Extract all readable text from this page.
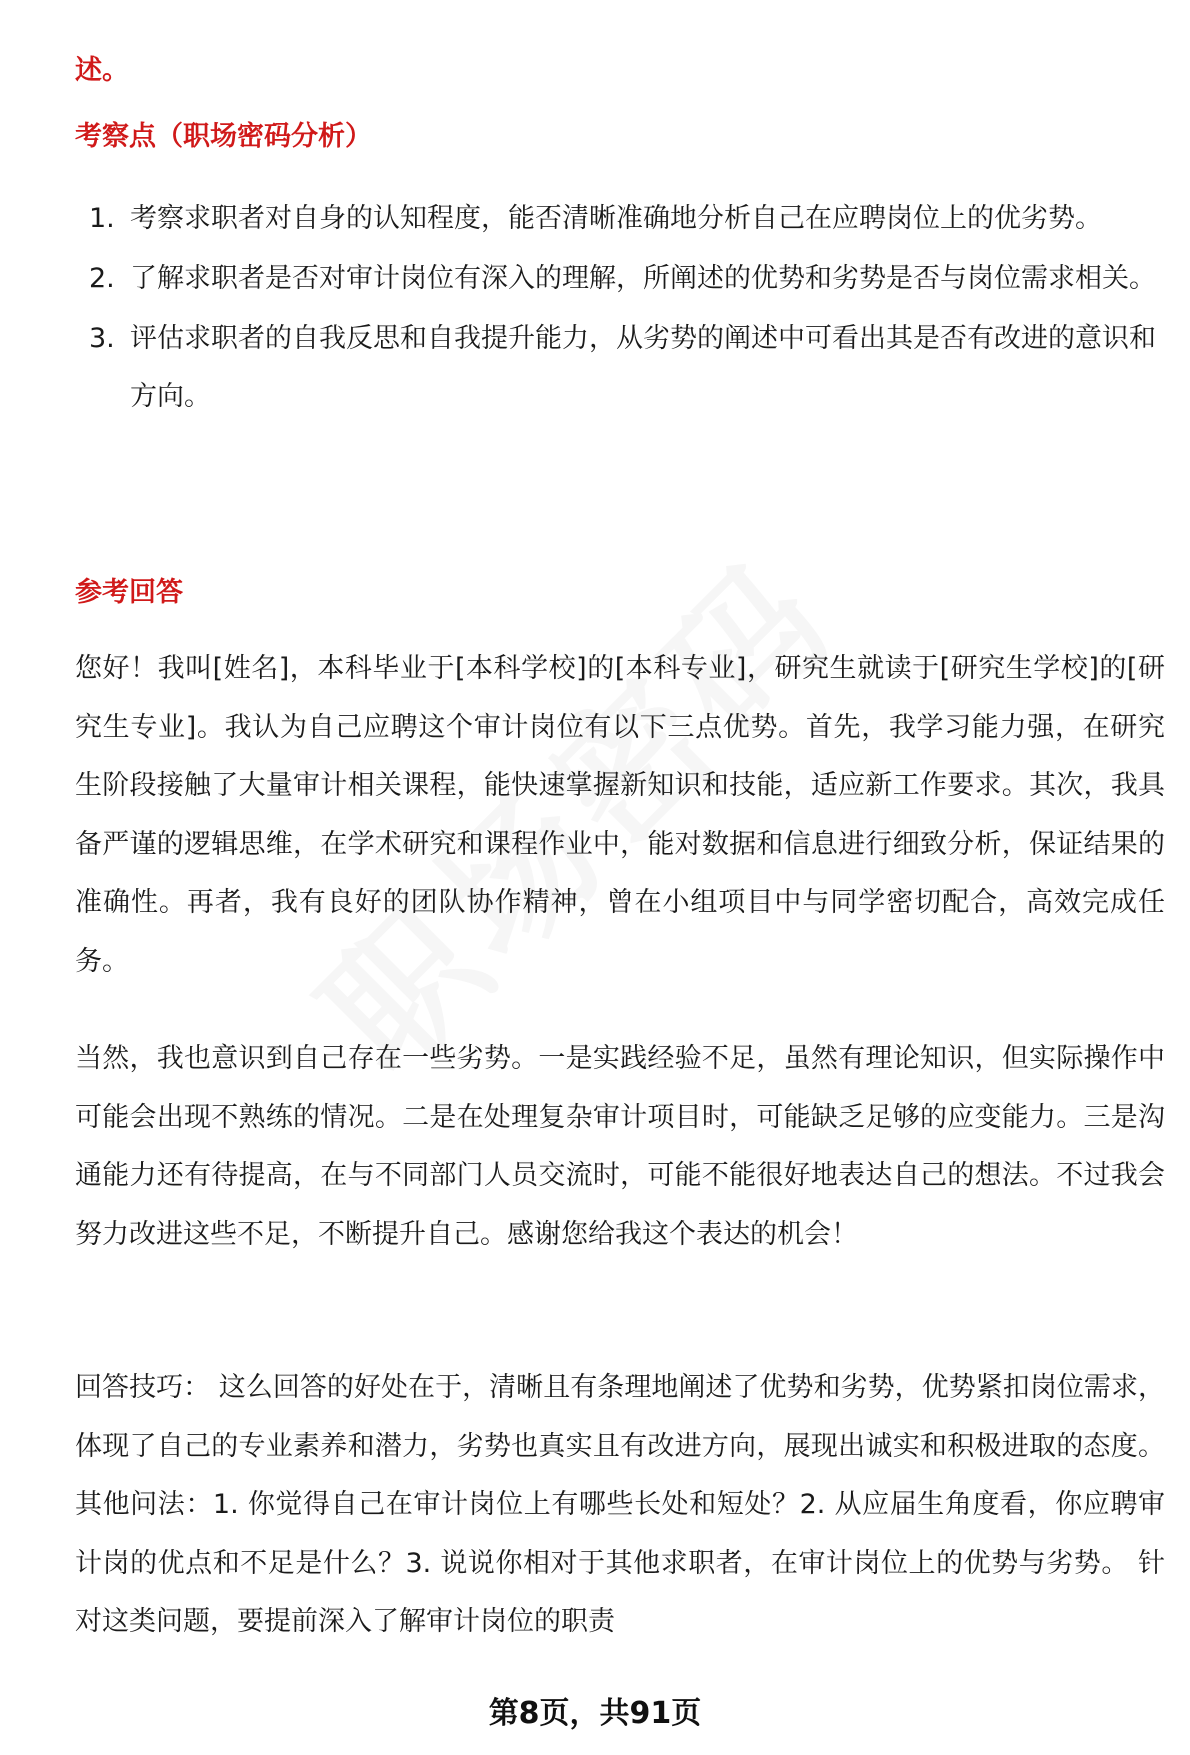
述。

考察点（职场密码分析）

1. 考察求职者对自身的认知程度，能否清晰准确地分析自己在应聘岗位上的优劣势。
2. 了解求职者是否对审计岗位有深入的理解，所阐述的优势和劣势是否与岗位需求相关。
3. 评估求职者的自我反思和自我提升能力，从劣势的阐述中可看出其是否有改进的意识和方向。

参考回答

您好！我叫[姓名]，本科毕业于[本科学校]的[本科专业]，研究生就读于[研究生学校]的[研究生专业]。我认为自己应聘这个审计岗位有以下三点优势。首先，我学习能力强，在研究生阶段接触了大量审计相关课程，能快速掌握新知识和技能，适应新工作要求。其次，我具备严谨的逻辑思维，在学术研究和课程作业中，能对数据和信息进行细致分析，保证结果的准确性。再者，我有良好的团队协作精神，曾在小组项目中与同学密切配合，高效完成任务。

当然，我也意识到自己存在一些劣势。一是实践经验不足，虽然有理论知识，但实际操作中可能会出现不熟练的情况。二是在处理复杂审计项目时，可能缺乏足够的应变能力。三是沟通能力还有待提高，在与不同部门人员交流时，可能不能很好地表达自己的想法。不过我会努力改进这些不足，不断提升自己。感谢您给我这个表达的机会！

回答技巧： 这么回答的好处在于，清晰且有条理地阐述了优势和劣势，优势紧扣岗位需求，体现了自己的专业素养和潜力，劣势也真实且有改进方向，展现出诚实和积极进取的态度。 其他问法：1. 你觉得自己在审计岗位上有哪些长处和短处？2. 从应届生角度看，你应聘审计岗的优点和不足是什么？3. 说说你相对于其他求职者，在审计岗位上的优势与劣势。 针对这类问题，要提前深入了解审计岗位的职责

第8页，共91页
